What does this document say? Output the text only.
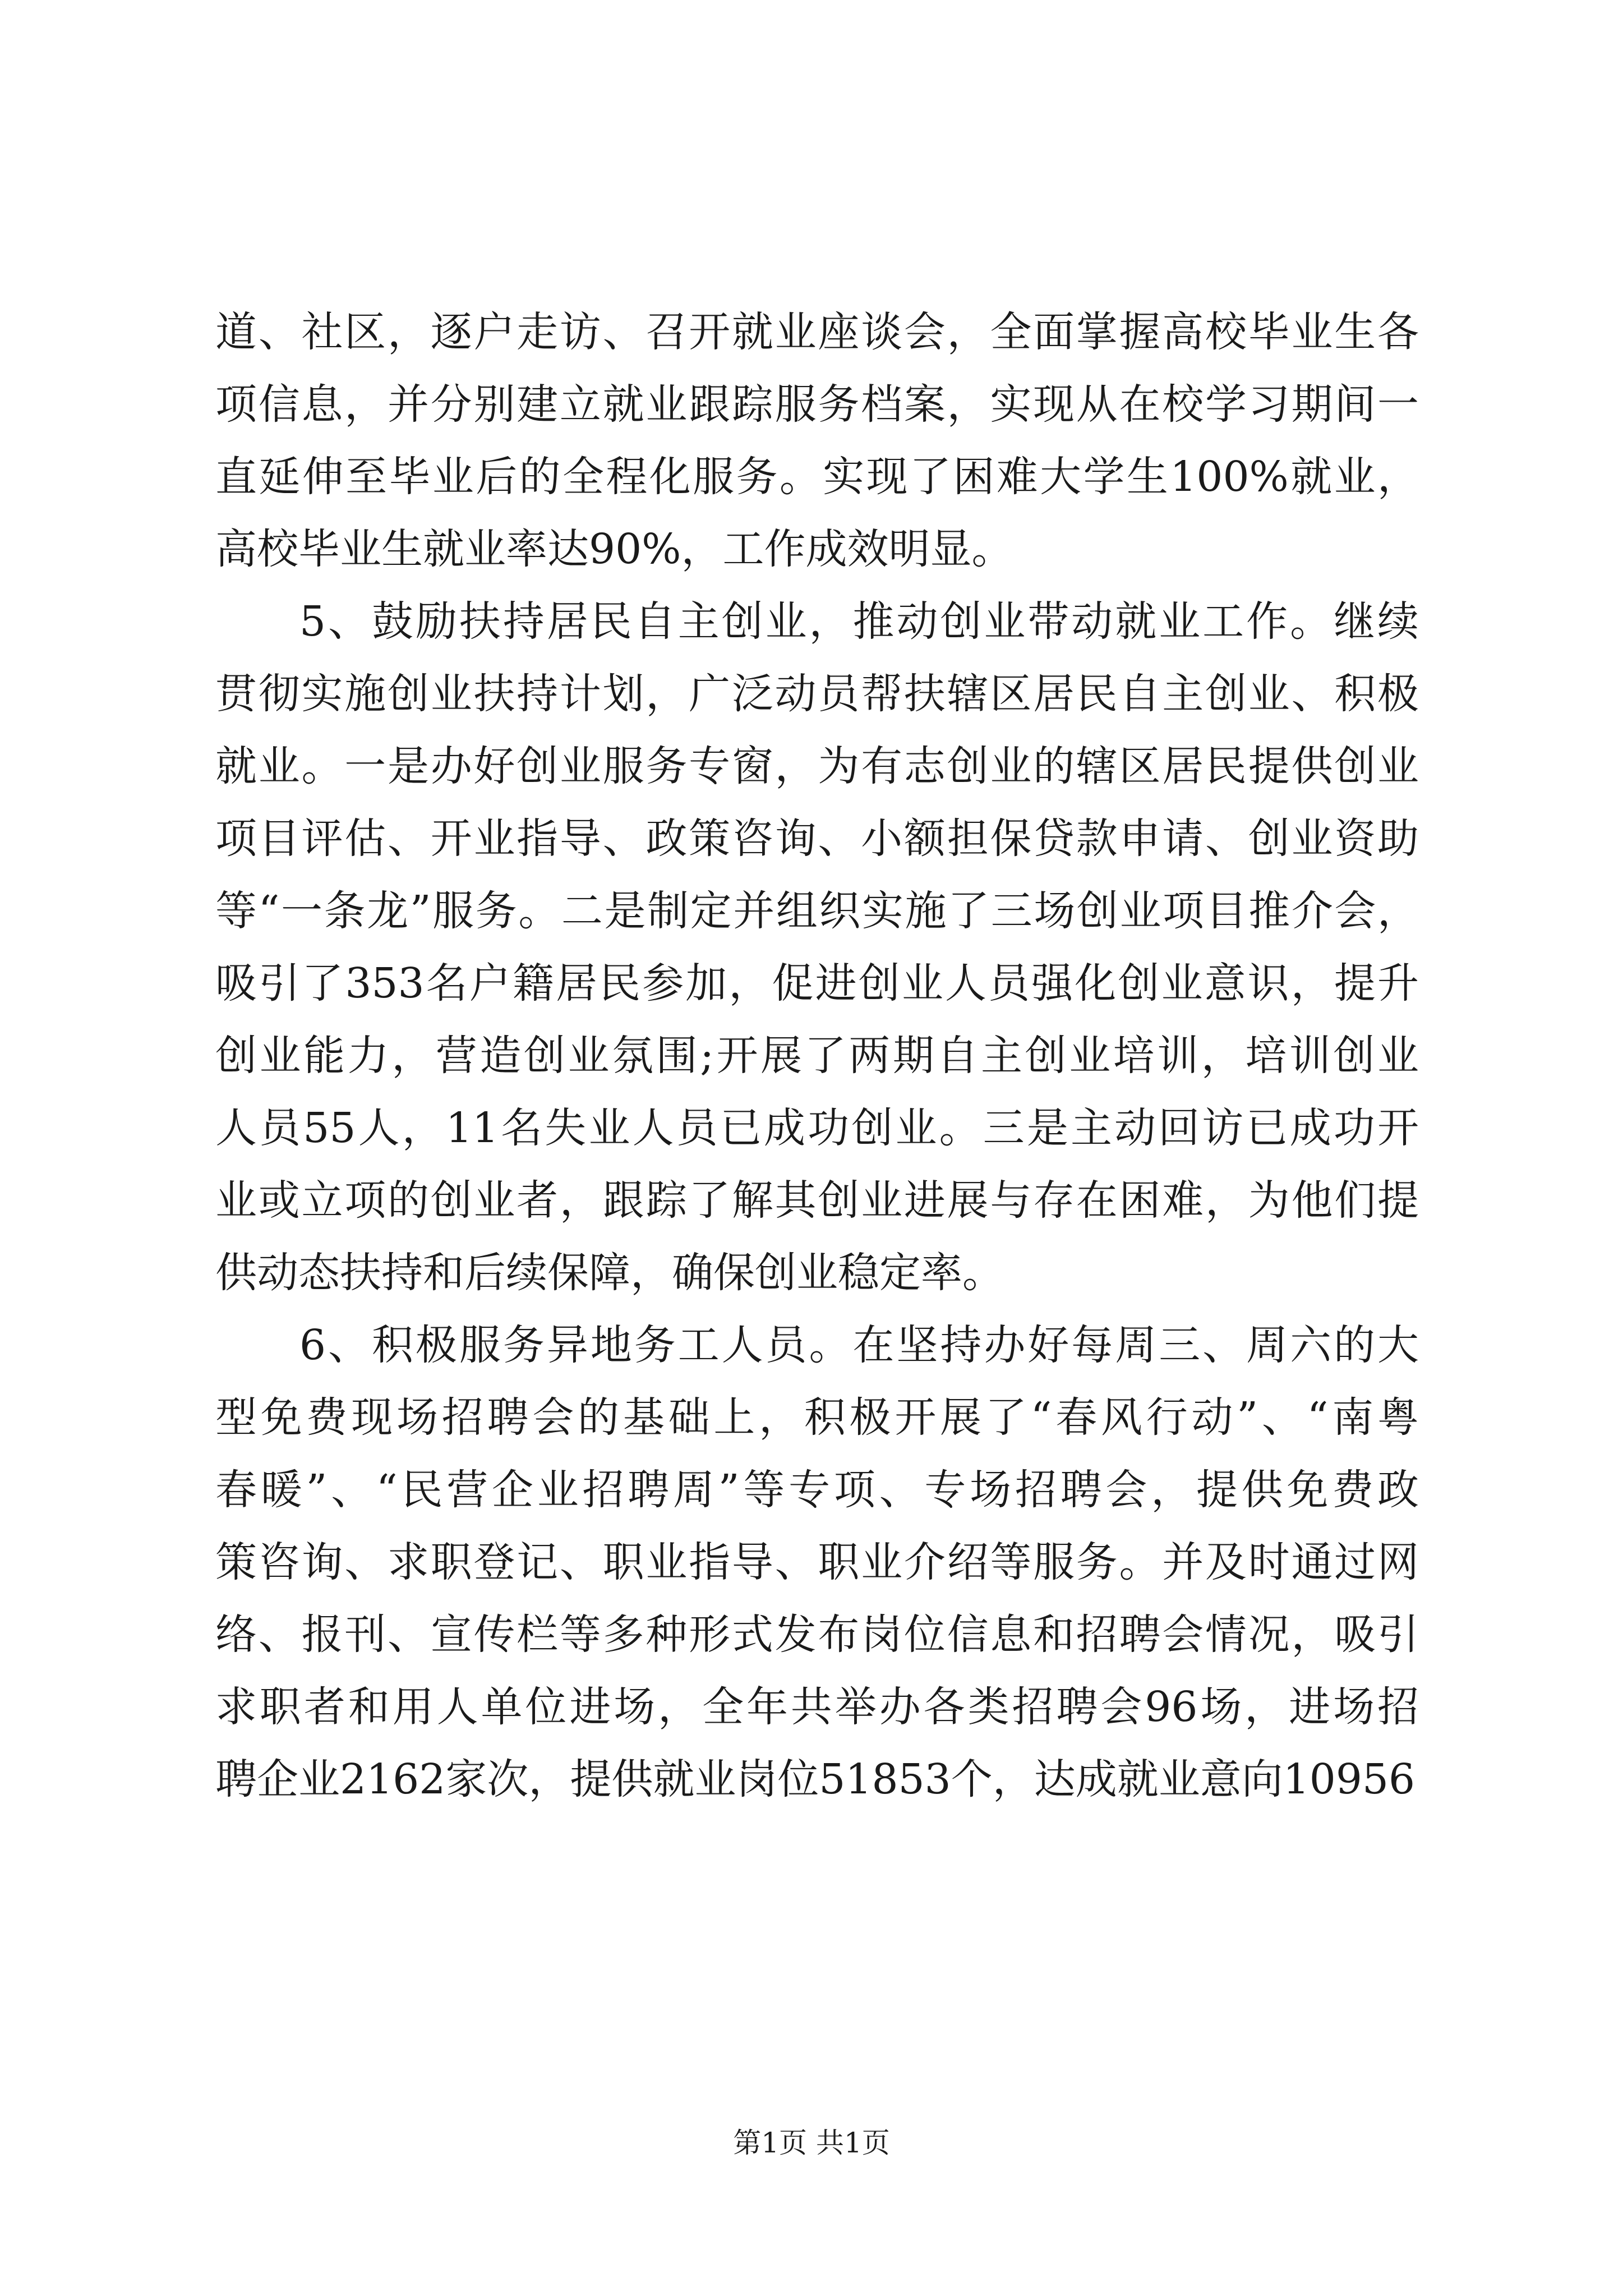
道、社区，逐户走访、召开就业座谈会，全面掌握高校毕业生各
项信息，并分别建立就业跟踪服务档案，实现从在校学习期间一
直延伸至毕业后的全程化服务。实现了困难大学生100%就业，
高校毕业生就业率达90%，工作成效明显。
5、鼓励扶持居民自主创业，推动创业带动就业工作。继续
贯彻实施创业扶持计划，广泛动员帮扶辖区居民自主创业、积极
就业。一是办好创业服务专窗，为有志创业的辖区居民提供创业
项目评估、开业指导、政策咨询、小额担保贷款申请、创业资助
等“一条龙”服务。二是制定并组织实施了三场创业项目推介会，
吸引了353名户籍居民参加，促进创业人员强化创业意识，提升
创业能力，营造创业氛围;开展了两期自主创业培训，培训创业
人员55人，11名失业人员已成功创业。三是主动回访已成功开
业或立项的创业者，跟踪了解其创业进展与存在困难，为他们提
供动态扶持和后续保障，确保创业稳定率。
6、积极服务异地务工人员。在坚持办好每周三、周六的大
型免费现场招聘会的基础上，积极开展了“春风行动”、“南粤
春暖”、“民营企业招聘周”等专项、专场招聘会，提供免费政
策咨询、求职登记、职业指导、职业介绍等服务。并及时通过网
络、报刊、宣传栏等多种形式发布岗位信息和招聘会情况，吸引
求职者和用人单位进场，全年共举办各类招聘会96场，进场招
聘企业2162家次，提供就业岗位51853个，达成就业意向10956
第1页 共1页
